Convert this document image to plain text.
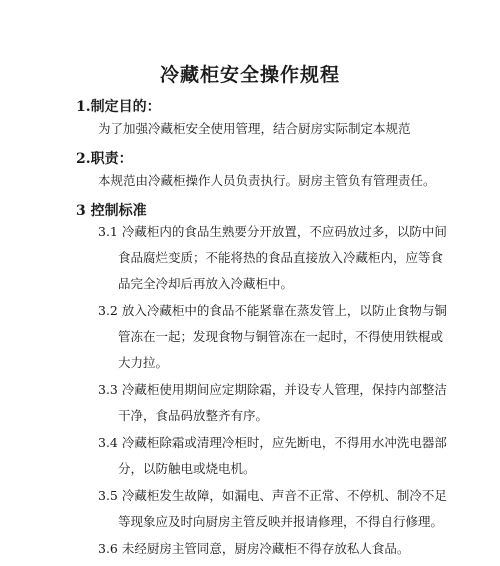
冷藏柜安全操作规程
1.制定目的：
为了加强冷藏柜安全使用管理，结合厨房实际制定本规范
2.职责：
本规范由冷藏柜操作人员负责执行。厨房主管负有管理责任。
3 控制标准
3.1 冷藏柜内的食品生熟要分开放置，不应码放过多，以防中间
食品腐烂变质；不能将热的食品直接放入冷藏柜内，应等食
品完全冷却后再放入冷藏柜中。
3.2 放入冷藏柜中的食品不能紧靠在蒸发管上，以防止食物与铜
管冻在一起；发现食物与铜管冻在一起时，不得使用铁棍或
大力拉。
3.3 冷藏柜使用期间应定期除霜，并设专人管理，保持内部整洁
干净，食品码放整齐有序。
3.4 冷藏柜除霜或清理冷柜时，应先断电，不得用水冲洗电器部
分，以防触电或烧电机。
3.5 冷藏柜发生故障，如漏电、声音不正常、不停机、制冷不足
等现象应及时向厨房主管反映并报请修理，不得自行修理。
3.6 未经厨房主管同意，厨房冷藏柜不得存放私人食品。
